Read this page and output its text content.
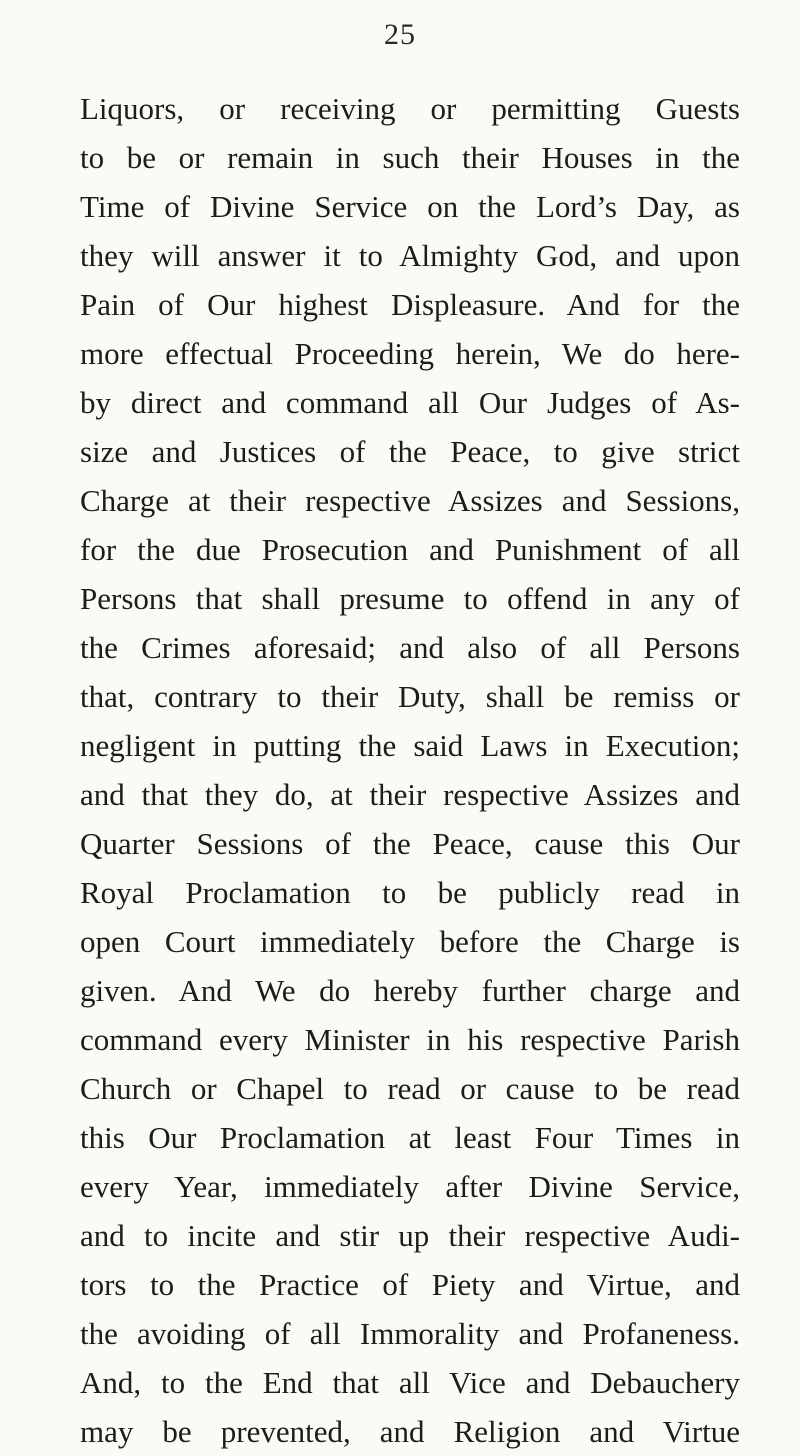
25
Liquors, or receiving or permitting Guests
to be or remain in such their Houses in the
Time of Divine Service on the Lord’s Day, as
they will answer it to Almighty God, and upon
Pain of Our highest Displeasure. And for the
more effectual Proceeding herein, We do here-
by direct and command all Our Judges of As-
size and Justices of the Peace, to give strict
Charge at their respective Assizes and Sessions,
for the due Prosecution and Punishment of all
Persons that shall presume to offend in any of
the Crimes aforesaid; and also of all Persons
that, contrary to their Duty, shall be remiss or
negligent in putting the said Laws in Execution;
and that they do, at their respective Assizes and
Quarter Sessions of the Peace, cause this Our
Royal Proclamation to be publicly read in
open Court immediately before the Charge is
given. And We do hereby further charge and
command every Minister in his respective Parish
Church or Chapel to read or cause to be read
this Our Proclamation at least Four Times in
every Year, immediately after Divine Service,
and to incite and stir up their respective Audi-
tors to the Practice of Piety and Virtue, and
the avoiding of all Immorality and Profaneness.
And, to the End that all Vice and Debauchery
may be prevented, and Religion and Virtue
